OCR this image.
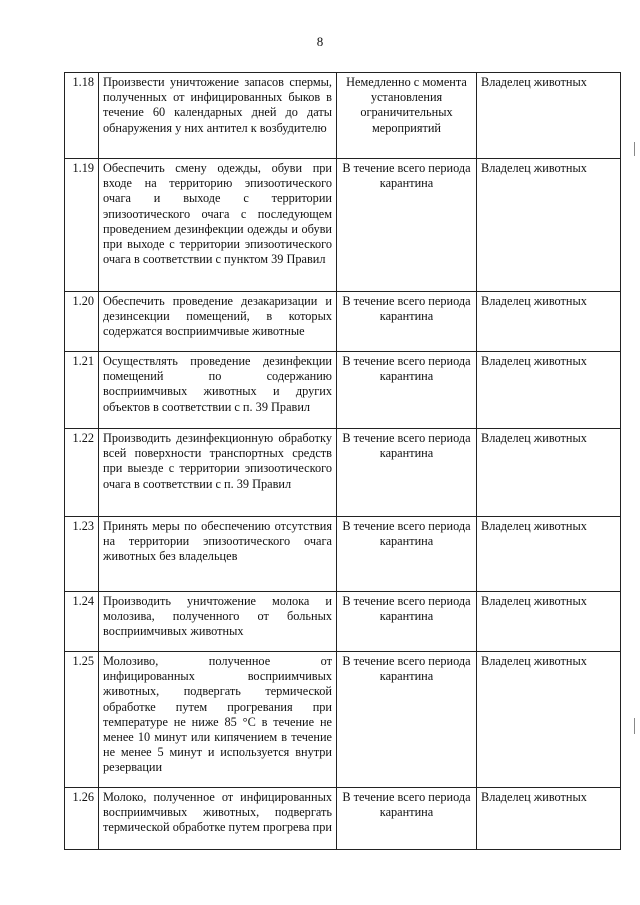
8
1.18	Произвести уничтожение запасов спермы, полученных от инфицированных быков в течение 60 календарных дней до даты обнаружения у них антител к возбудителю	Немедленно с момента установления ограничительных мероприятий	Владелец животных
1.19	Обеспечить смену одежды, обуви при входе на территорию эпизоотического очага и выходе с территории эпизоотического очага с последующем проведением дезинфекции одежды и обуви при выходе с территории эпизоотического очага в соответствии с пунктом 39 Правил	В течение всего периода карантина	Владелец животных
1.20	Обеспечить проведение дезакаризации и дезинсекции помещений, в которых содержатся восприимчивые животные	В течение всего периода карантина	Владелец животных
1.21	Осуществлять проведение дезинфекции помещений по содержанию восприимчивых животных и других объектов в соответствии с п. 39 Правил	В течение всего периода карантина	Владелец животных
1.22	Производить дезинфекционную обработку всей поверхности транспортных средств при выезде с территории эпизоотического очага в соответствии с п. 39 Правил	В течение всего периода карантина	Владелец животных
1.23	Принять меры по обеспечению отсутствия на территории эпизоотического очага животных без владельцев	В течение всего периода карантина	Владелец животных
1.24	Производить уничтожение молока и молозива, полученного от больных восприимчивых животных	В течение всего периода карантина	Владелец животных
1.25	Молозиво, полученное от инфицированных восприимчивых животных, подвергать термической обработке путем прогревания при температуре не ниже 85 °С в течение не менее 10 минут или кипячением в течение не менее 5 минут и используется внутри резервации	В течение всего периода карантина	Владелец животных
1.26	Молоко, полученное от инфицированных восприимчивых животных, подвергать термической обработке путем прогрева при	В течение всего периода карантина	Владелец животных
